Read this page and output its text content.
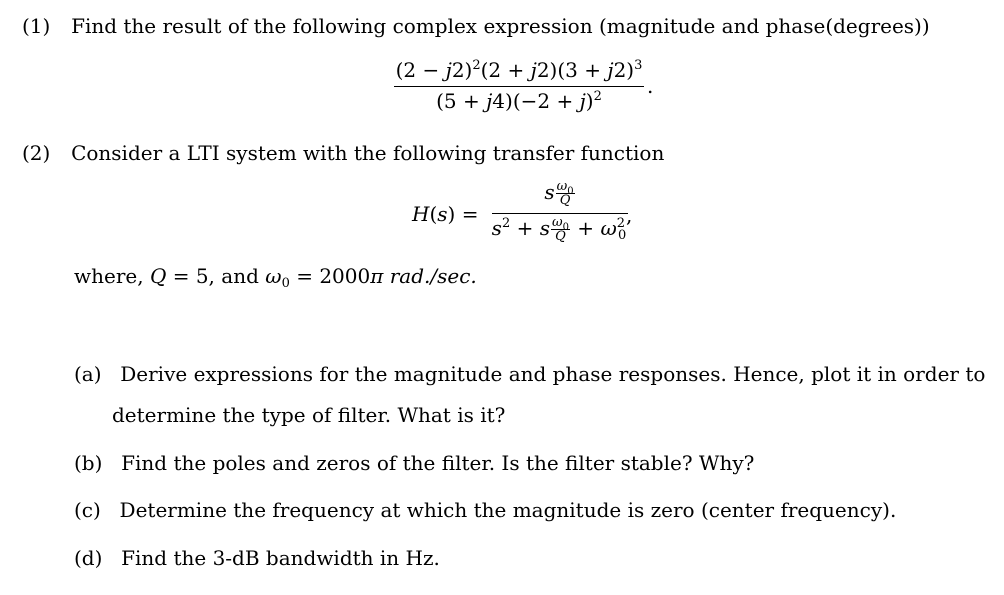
(1) Find the result of the following complex expression (magnitude and phase(degrees))
$(2 - j2)^2(2 + j2)(3 + j2)^3$
$(5 + j4)(-2 + j)^2$	.
(2) Consider a LTI system with the following transfer function
H(s) =
s $\frac{\omega_0}{Q}$
$s^2 + s \frac{\omega_0}{Q} + \omega^2_0$
,
where, Q = 5, and $\omega_0 = 2000\pi$ rad./sec.
(a) Derive expressions for the magnitude and phase responses. Hence, plot it in order to
determine the type of filter. What is it?
(b) Find the poles and zeros of the filter. Is the filter stable? Why?
(c) Determine the frequency at which the magnitude is zero (center frequency).
(d) Find the 3-dB bandwidth in Hz.
